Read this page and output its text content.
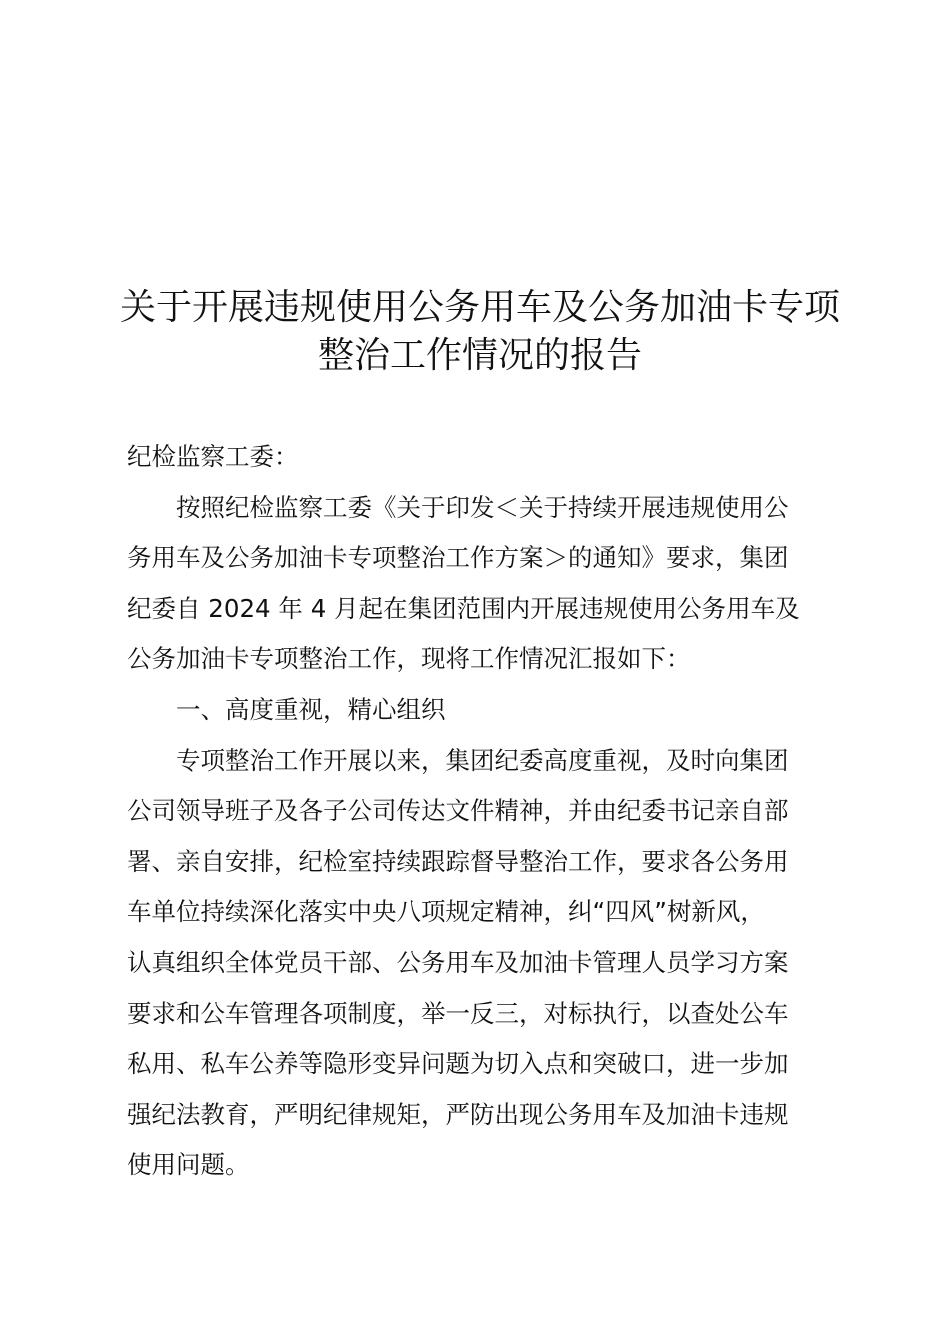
关于开展违规使用公务用车及公务加油卡专项
整治工作情况的报告

纪检监察工委：

按照纪检监察工委《关于印发＜关于持续开展违规使用公
务用车及公务加油卡专项整治工作方案＞的通知》要求，集团
纪委自 2024 年 4 月起在集团范围内开展违规使用公务用车及
公务加油卡专项整治工作，现将工作情况汇报如下：

一、高度重视，精心组织

专项整治工作开展以来，集团纪委高度重视，及时向集团
公司领导班子及各子公司传达文件精神，并由纪委书记亲自部
署、亲自安排，纪检室持续跟踪督导整治工作，要求各公务用
车单位持续深化落实中央八项规定精神，纠“四风”树新风，
认真组织全体党员干部、公务用车及加油卡管理人员学习方案
要求和公车管理各项制度，举一反三，对标执行，以查处公车
私用、私车公养等隐形变异问题为切入点和突破口，进一步加
强纪法教育，严明纪律规矩，严防出现公务用车及加油卡违规
使用问题。
